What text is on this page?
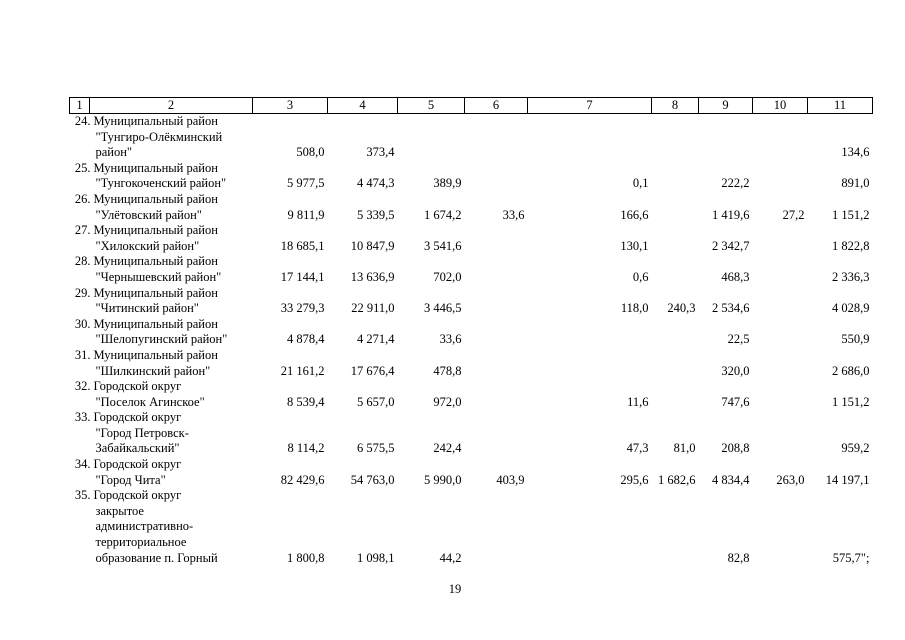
1	2	3	4	5	6	7	8	9	10	11

24. Муниципальный район
"Тунгиро-Олёкминский
район"		508,0	373,4							134,6

25. Муниципальный район
"Тунгокоченский район"		5 977,5	4 474,3	389,9		0,1		222,2		891,0

26. Муниципальный район
"Улётовский район"		9 811,9	5 339,5	1 674,2	33,6	166,6		1 419,6	27,2	1 151,2

27. Муниципальный район
"Хилокский район"		18 685,1	10 847,9	3 541,6		130,1		2 342,7		1 822,8

28. Муниципальный район
"Чернышевский район"		17 144,1	13 636,9	702,0		0,6		468,3		2 336,3

29. Муниципальный район
"Читинский район"		33 279,3	22 911,0	3 446,5		118,0	240,3	2 534,6		4 028,9

30. Муниципальный район
"Шелопугинский район"		4 878,4	4 271,4	33,6				22,5		550,9

31. Муниципальный район
"Шилкинский район"		21 161,2	17 676,4	478,8				320,0		2 686,0

32. Городской округ
"Поселок Агинское"		8 539,4	5 657,0	972,0		11,6		747,6		1 151,2

33. Городской округ
"Город Петровск-
Забайкальский"		8 114,2	6 575,5	242,4		47,3	81,0	208,8		959,2

34. Городской округ
"Город Чита"		82 429,6	54 763,0	5 990,0	403,9	295,6	1 682,6	4 834,4	263,0	14 197,1

35. Городской округ
закрытое
административно-
территориальное
образование п. Горный		1 800,8	1 098,1	44,2				82,8		575,7";
19
